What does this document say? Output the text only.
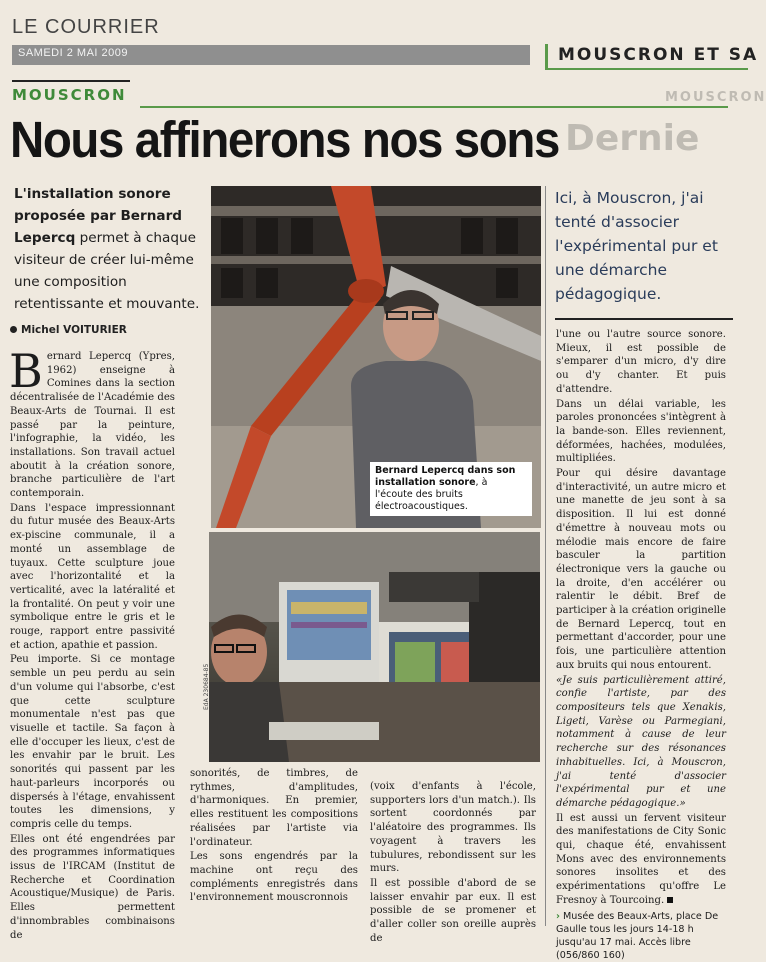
LE COURRIER
SAMEDI 2 MAI 2009	MOUSCRON ET SA
MOUSCRON
Dernie
MOUSCRON
Nous affinerons nos sons
L'installation sonore proposée par Bernard Lepercq permet à chaque visiteur de créer lui-même une composition retentissante et mouvante.
Michel VOITURIER

Bernard Lepercq (Ypres, 1962) enseigne à Comines dans la section décentralisée de l'Académie des Beaux-Arts de Tournai. Il est passé par la peinture, l'infographie, la vidéo, les installations. Son travail actuel aboutit à la création sonore, branche particulière de l'art contemporain.

Dans l'espace impressionnant du futur musée des Beaux-Arts ex-piscine communale, il a monté un assemblage de tuyaux. Cette sculpture joue avec l'horizontalité et la verticalité, avec la latéralité et la frontalité. On peut y voir une symbolique entre le gris et le rouge, rapport entre passivité et action, apathie et passion.

Peu importe. Si ce montage semble un peu perdu au sein d'un volume qui l'absorbe, c'est que cette sculpture monumentale n'est pas que visuelle et tactile. Sa façon à elle d'occuper les lieux, c'est de les envahir par le bruit. Les sonorités qui passent par les haut-parleurs incorporés ou dispersés à l'étage, envahissent toutes les dimensions, y compris celle du temps.

Elles ont été engendrées par des programmes informatiques issus de l'IRCAM (Institut de Recherche et Coordination Acoustique/Musique) de Paris. Elles permettent d'innombrables combinaisons de

Bernard Lepercq dans son installation sonore, à l'écoute des bruits électroacoustiques.
EdA 230684-85
Ici, à Mouscron, j'ai tenté d'associer l'expérimental pur et une démarche pédagogique.

sonorités, de timbres, de rythmes, d'amplitudes, d'harmoniques. En premier, elles restituent les compositions réalisées par l'artiste via l'ordinateur.

Les sons engendrés par la machine ont reçu des compléments enregistrés dans l'environnement mouscronnois

(voix d'enfants à l'école, supporters lors d'un match.). Ils sortent coordonnés par l'aléatoire des programmes. Ils voyagent à travers les tubulures, rebondissent sur les murs.

Il est possible d'abord de se laisser envahir par eux. Il est possible de se promener et d'aller coller son oreille auprès de

l'une ou l'autre source sonore. Mieux, il est possible de s'emparer d'un micro, d'y dire ou d'y chanter. Et puis d'attendre.

Dans un délai variable, les paroles prononcées s'intègrent à la bande-son. Elles reviennent, déformées, hachées, modulées, multipliées.

Pour qui désire davantage d'interactivité, un autre micro et une manette de jeu sont à sa disposition. Il lui est donné d'émettre à nouveau mots ou mélodie mais encore de faire basculer la partition électronique vers la gauche ou la droite, d'en accélérer ou ralentir le débit. Bref de participer à la création originelle de Bernard Lepercq, tout en permettant d'accorder, pour une fois, une particulière attention aux bruits qui nous entourent.

«Je suis particulièrement attiré, confie l'artiste, par des compositeurs tels que Xenakis, Ligeti, Varèse ou Parmegiani, notamment à cause de leur recherche sur des résonances inhabituelles. Ici, à Mouscron, j'ai tenté d'associer l'expérimental pur et une démarche pédagogique.»

Il est aussi un fervent visiteur des manifestations de City Sonic qui, chaque été, envahissent Mons avec des environnements sonores insolites et des expérimentations qu'offre Le Fresnoy à Tourcoing.

› Musée des Beaux-Arts, place De Gaulle tous les jours 14-18 h jusqu'au 17 mai. Accès libre (056/860 160)
